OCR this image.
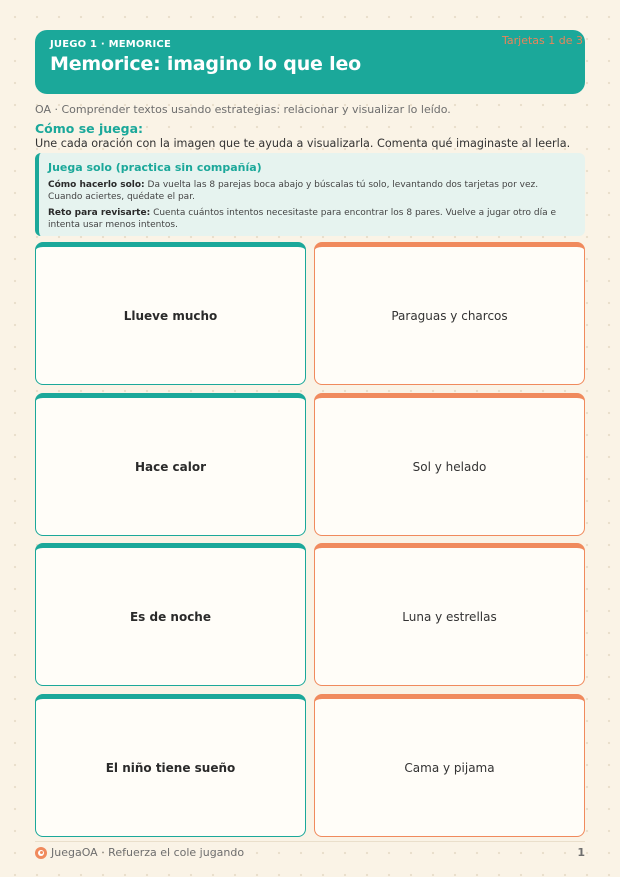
JUEGO 1 · MEMORICE
Memorice: imagino lo que leo
Tarjetas 1 de 3
OA · Comprender textos usando estrategias: relacionar y visualizar lo leído.
Cómo se juega:
Une cada oración con la imagen que te ayuda a visualizarla. Comenta qué imaginaste al leerla.
Juega solo (practica sin compañía)
Cómo hacerlo solo: Da vuelta las 8 parejas boca abajo y búscalas tú solo, levantando dos tarjetas por vez. Cuando aciertes, quédate el par.
Reto para revisarte: Cuenta cuántos intentos necesitaste para encontrar los 8 pares. Vuelve a jugar otro día e intenta usar menos intentos.
Llueve mucho	Paraguas y charcos
Hace calor	Sol y helado
Es de noche	Luna y estrellas
El niño tiene sueño	Cama y pijama
JuegaOA · Refuerza el cole jugando	1
